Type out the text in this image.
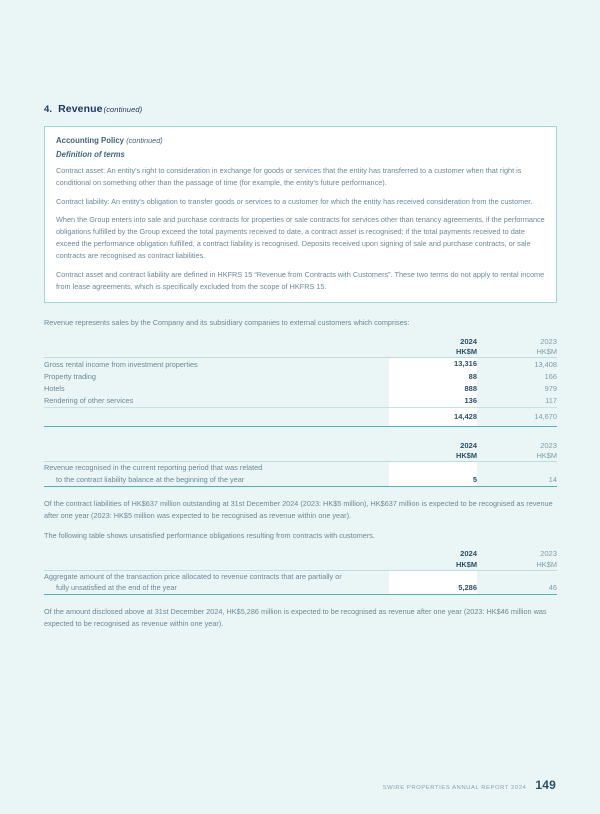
4. Revenue(continued)
Accounting Policy (continued)
Definition of terms

Contract asset: An entity's right to consideration in exchange for goods or services that the entity has transferred to a customer when that right is conditional on something other than the passage of time (for example, the entity's future performance).

Contract liability: An entity's obligation to transfer goods or services to a customer for which the entity has received consideration from the customer.

When the Group enters into sale and purchase contracts for properties or sale contracts for services other than tenancy agreements, if the performance obligations fulfilled by the Group exceed the total payments received to date, a contract asset is recognised; if the total payments received to date exceed the performance obligation fulfilled, a contract liability is recognised. Deposits received upon signing of sale and purchase contracts, or sale contracts are recognised as contract liabilities.

Contract asset and contract liability are defined in HKFRS 15 “Revenue from Contracts with Customers”. These two terms do not apply to rental income from lease agreements, which is specifically excluded from the scope of HKFRS 15.

Revenue represents sales by the Company and its subsidiary companies to external customers which comprises:

	2024	2023
	HK$M	HK$M

Gross rental income from investment properties	13,316	13,408
Property trading	88	166
Hotels	888	979
Rendering of other services	136	117
	14,428	14,670

	2024	2023
	HK$M	HK$M

Revenue recognised in the current reporting period that was related
to the contract liability balance at the beginning of the year	5	14

Of the contract liabilities of HK$637 million outstanding at 31st December 2024 (2023: HK$5 million), HK$637 million is expected to be recognised as revenue after one year (2023: HK$5 million was expected to be recognised as revenue within one year).

The following table shows unsatisfied performance obligations resulting from contracts with customers.

	2024	2023
	HK$M	HK$M

Aggregate amount of the transaction price allocated to revenue contracts that are partially or
fully unsatisfied at the end of the year	5,286	46

Of the amount disclosed above at 31st December 2024, HK$5,286 million is expected to be recognised as revenue after one year (2023: HK$46 million was expected to be recognised as revenue within one year).

SWIRE PROPERTIES ANNUAL REPORT 2024 149
